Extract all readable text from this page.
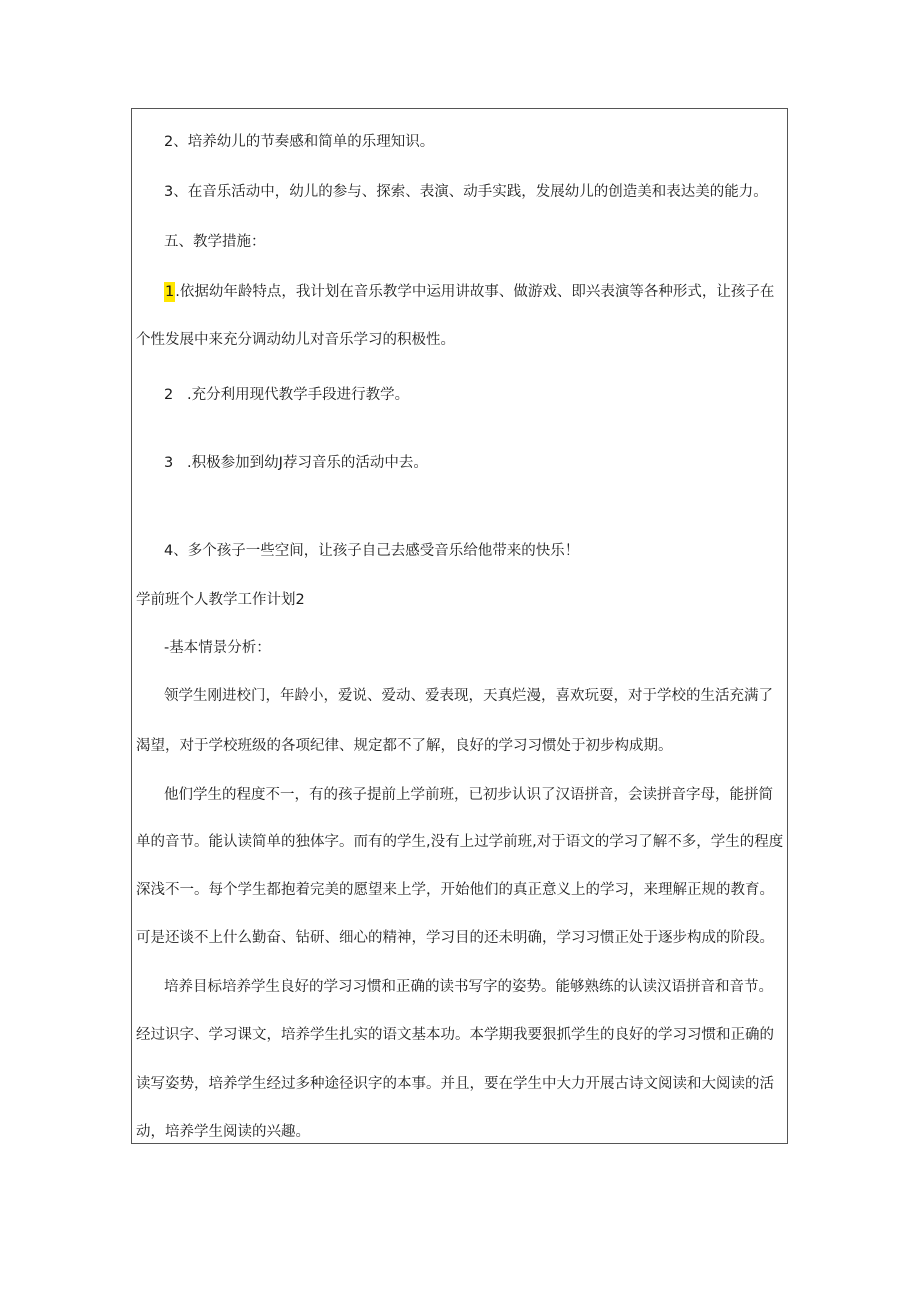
2、培养幼儿的节奏感和简单的乐理知识。
3、在音乐活动中，幼儿的参与、探索、表演、动手实践，发展幼儿的创造美和表达美的能力。
五、教学措施：
1.依据幼年龄特点，我计划在音乐教学中运用讲故事、做游戏、即兴表演等各种形式，让孩子在
个性发展中来充分调动幼儿对音乐学习的积极性。
2   .充分利用现代教学手段进行教学。
3   .积极参加到幼J荐习音乐的活动中去。
4、多个孩子一些空间，让孩子自己去感受音乐给他带来的快乐！
学前班个人教学工作计划2
-基本情景分析：
领学生刚进校门，年龄小，爱说、爱动、爱表现，天真烂漫，喜欢玩耍，对于学校的生活充满了
渴望，对于学校班级的各项纪律、规定都不了解，良好的学习习惯处于初步构成期。
他们学生的程度不一，有的孩子提前上学前班，已初步认识了汉语拼音，会读拼音字母，能拼简
单的音节。能认读简单的独体字。而有的学生,没有上过学前班,对于语文的学习了解不多，学生的程度
深浅不一。每个学生都抱着完美的愿望来上学，开始他们的真正意义上的学习，来理解正规的教育。
可是还谈不上什么勤奋、钻研、细心的精神，学习目的还未明确，学习习惯正处于逐步构成的阶段。
培养目标培养学生良好的学习习惯和正确的读书写字的姿势。能够熟练的认读汉语拼音和音节。
经过识字、学习课文，培养学生扎实的语文基本功。本学期我要狠抓学生的良好的学习习惯和正确的
读写姿势，培养学生经过多种途径识字的本事。并且，要在学生中大力开展古诗文阅读和大阅读的活
动，培养学生阅读的兴趣。
